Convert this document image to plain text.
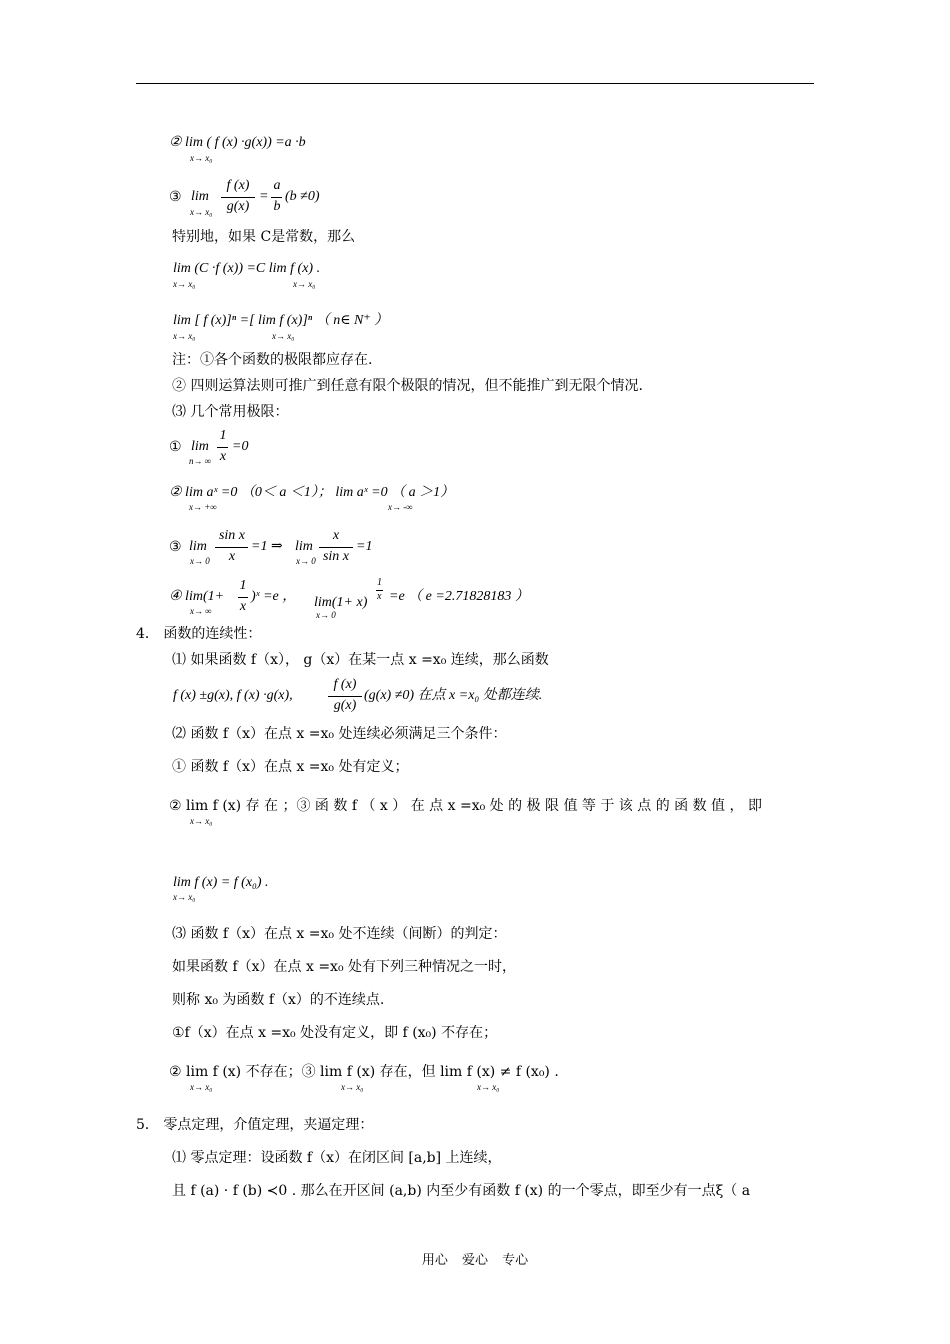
② lim ( f (x) ·g(x)) =a ·b
x→ x₀
③ lim
x→ x₀
f (x)
g(x)
=
a
b
(b ≠0)
特别地，如果 C是常数，那么
lim (C ·f (x)) =C lim f (x) .
x→ x₀	x→ x₀
lim [ f (x)]ⁿ =[ lim f (x)]ⁿ （ n∈ N⁺ ）
x→ x₀	x→ x₀
注：①各个函数的极限都应存在.
② 四则运算法则可推广到任意有限个极限的情况，但不能推广到无限个情况.
⑶ 几个常用极限：
① lim
n→ ∞
1
x
=0
② lim aˣ =0 （0＜ a ＜1）； lim aˣ =0 （ a ＞1）
x→ +∞	x→ -∞
③ lim
x→ 0
sin x
x
=1 ⇒ lim
x→ 0
x
sin x
=1
④ lim(1+
1
x
)ˣ =e ，
x→ ∞
lim(1+ x)
x→ 0
1
x =e （ e =2.71828183 ）
4． 函数的连续性：
⑴ 如果函数 f（x）， g（x）在某一点 x =x₀ 连续，那么函数
f (x) ±g(x), f (x) ·g(x),
f (x)
g(x)
(g(x) ≠0) 在点 x =x₀ 处都连续.
⑵ 函数 f（x）在点 x =x₀ 处连续必须满足三个条件：
① 函数 f（x）在点 x =x₀ 处有定义；
② lim f (x) 存 在 ；③ 函 数 f （ x ） 在 点 x =x₀ 处 的 极 限 值 等 于 该 点 的 函 数 值 ， 即
x→ x₀
lim f (x) = f (x₀) .
x→ x₀
⑶ 函数 f（x）在点 x =x₀ 处不连续（间断）的判定：
如果函数 f（x）在点 x =x₀ 处有下列三种情况之一时，
则称 x₀ 为函数 f（x）的不连续点.
①f（x）在点 x =x₀ 处没有定义，即 f (x₀) 不存在；
② lim f (x) 不存在；③ lim f (x) 存在，但 lim f (x) ≠ f (x₀) .
x→ x₀	x→ x₀	x→ x₀
5． 零点定理，介值定理，夹逼定理：
⑴ 零点定理：设函数 f（x）在闭区间 [a,b] 上连续，
且 f (a) · f (b) ≺0 . 那么在开区间 (a,b) 内至少有函数 f (x) 的一个零点，即至少有一点ξ（ a
用心 爱心 专心
